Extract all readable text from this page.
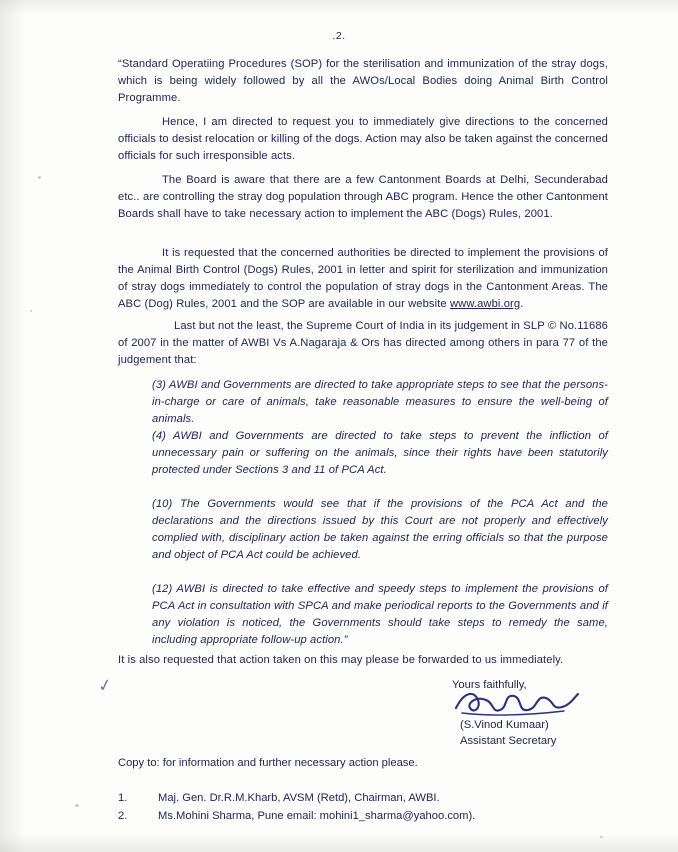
.2.
“Standard Operatiing Procedures (SOP) for the sterilisation and immunization of the stray dogs, which is being widely followed by all the AWOs/Local Bodies doing Animal Birth Control Programme.
Hence, I am directed to request you to immediately give directions to the concerned officials to desist relocation or killing of the dogs. Action may also be taken against the concerned officials for such irresponsible acts.
The Board is aware that there are a few Cantonment Boards at Delhi, Secunderabad etc.. are controlling the stray dog population through ABC program. Hence the other Cantonment Boards shall have to take necessary action to implement the ABC (Dogs) Rules, 2001.
It is requested that the concerned authorities be directed to implement the provisions of the Animal Birth Control (Dogs) Rules, 2001 in letter and spirit for sterilization and immunization of stray dogs immediately to control the population of stray dogs in the Cantonment Areas. The ABC (Dog) Rules, 2001 and the SOP are available in our website www.awbi.org.
Last but not the least, the Supreme Court of India in its judgement in SLP © No.11686 of 2007 in the matter of AWBI Vs A.Nagaraja & Ors has directed among others in para 77 of the judgement that:
(3) AWBI and Governments are directed to take appropriate steps to see that the persons-in-charge or care of animals, take reasonable measures to ensure the well-being of animals.
(4) AWBI and Governments are directed to take steps to prevent the infliction of unnecessary pain or suffering on the animals, since their rights have been statutorily protected under Sections 3 and 11 of PCA Act.
(10) The Governments would see that if the provisions of the PCA Act and the declarations and the directions issued by this Court are not properly and effectively complied with, disciplinary action be taken against the erring officials so that the purpose and object of PCA Act could be achieved.
(12) AWBI is directed to take effective and speedy steps to implement the provisions of PCA Act in consultation with SPCA and make periodical reports to the Governments and if any violation is noticed, the Governments should take steps to remedy the same, including appropriate follow-up action.”
It is also requested that action taken on this may please be forwarded to us immediately.
Yours faithfully,
(S.Vinod Kumaar)
Assistant Secretary
✓
Copy to: for information and further necessary action please.
1.	Maj. Gen. Dr.R.M.Kharb, AVSM (Retd), Chairman, AWBI.
2.	Ms.Mohini Sharma, Pune email: mohini1_sharma@yahoo.com).
